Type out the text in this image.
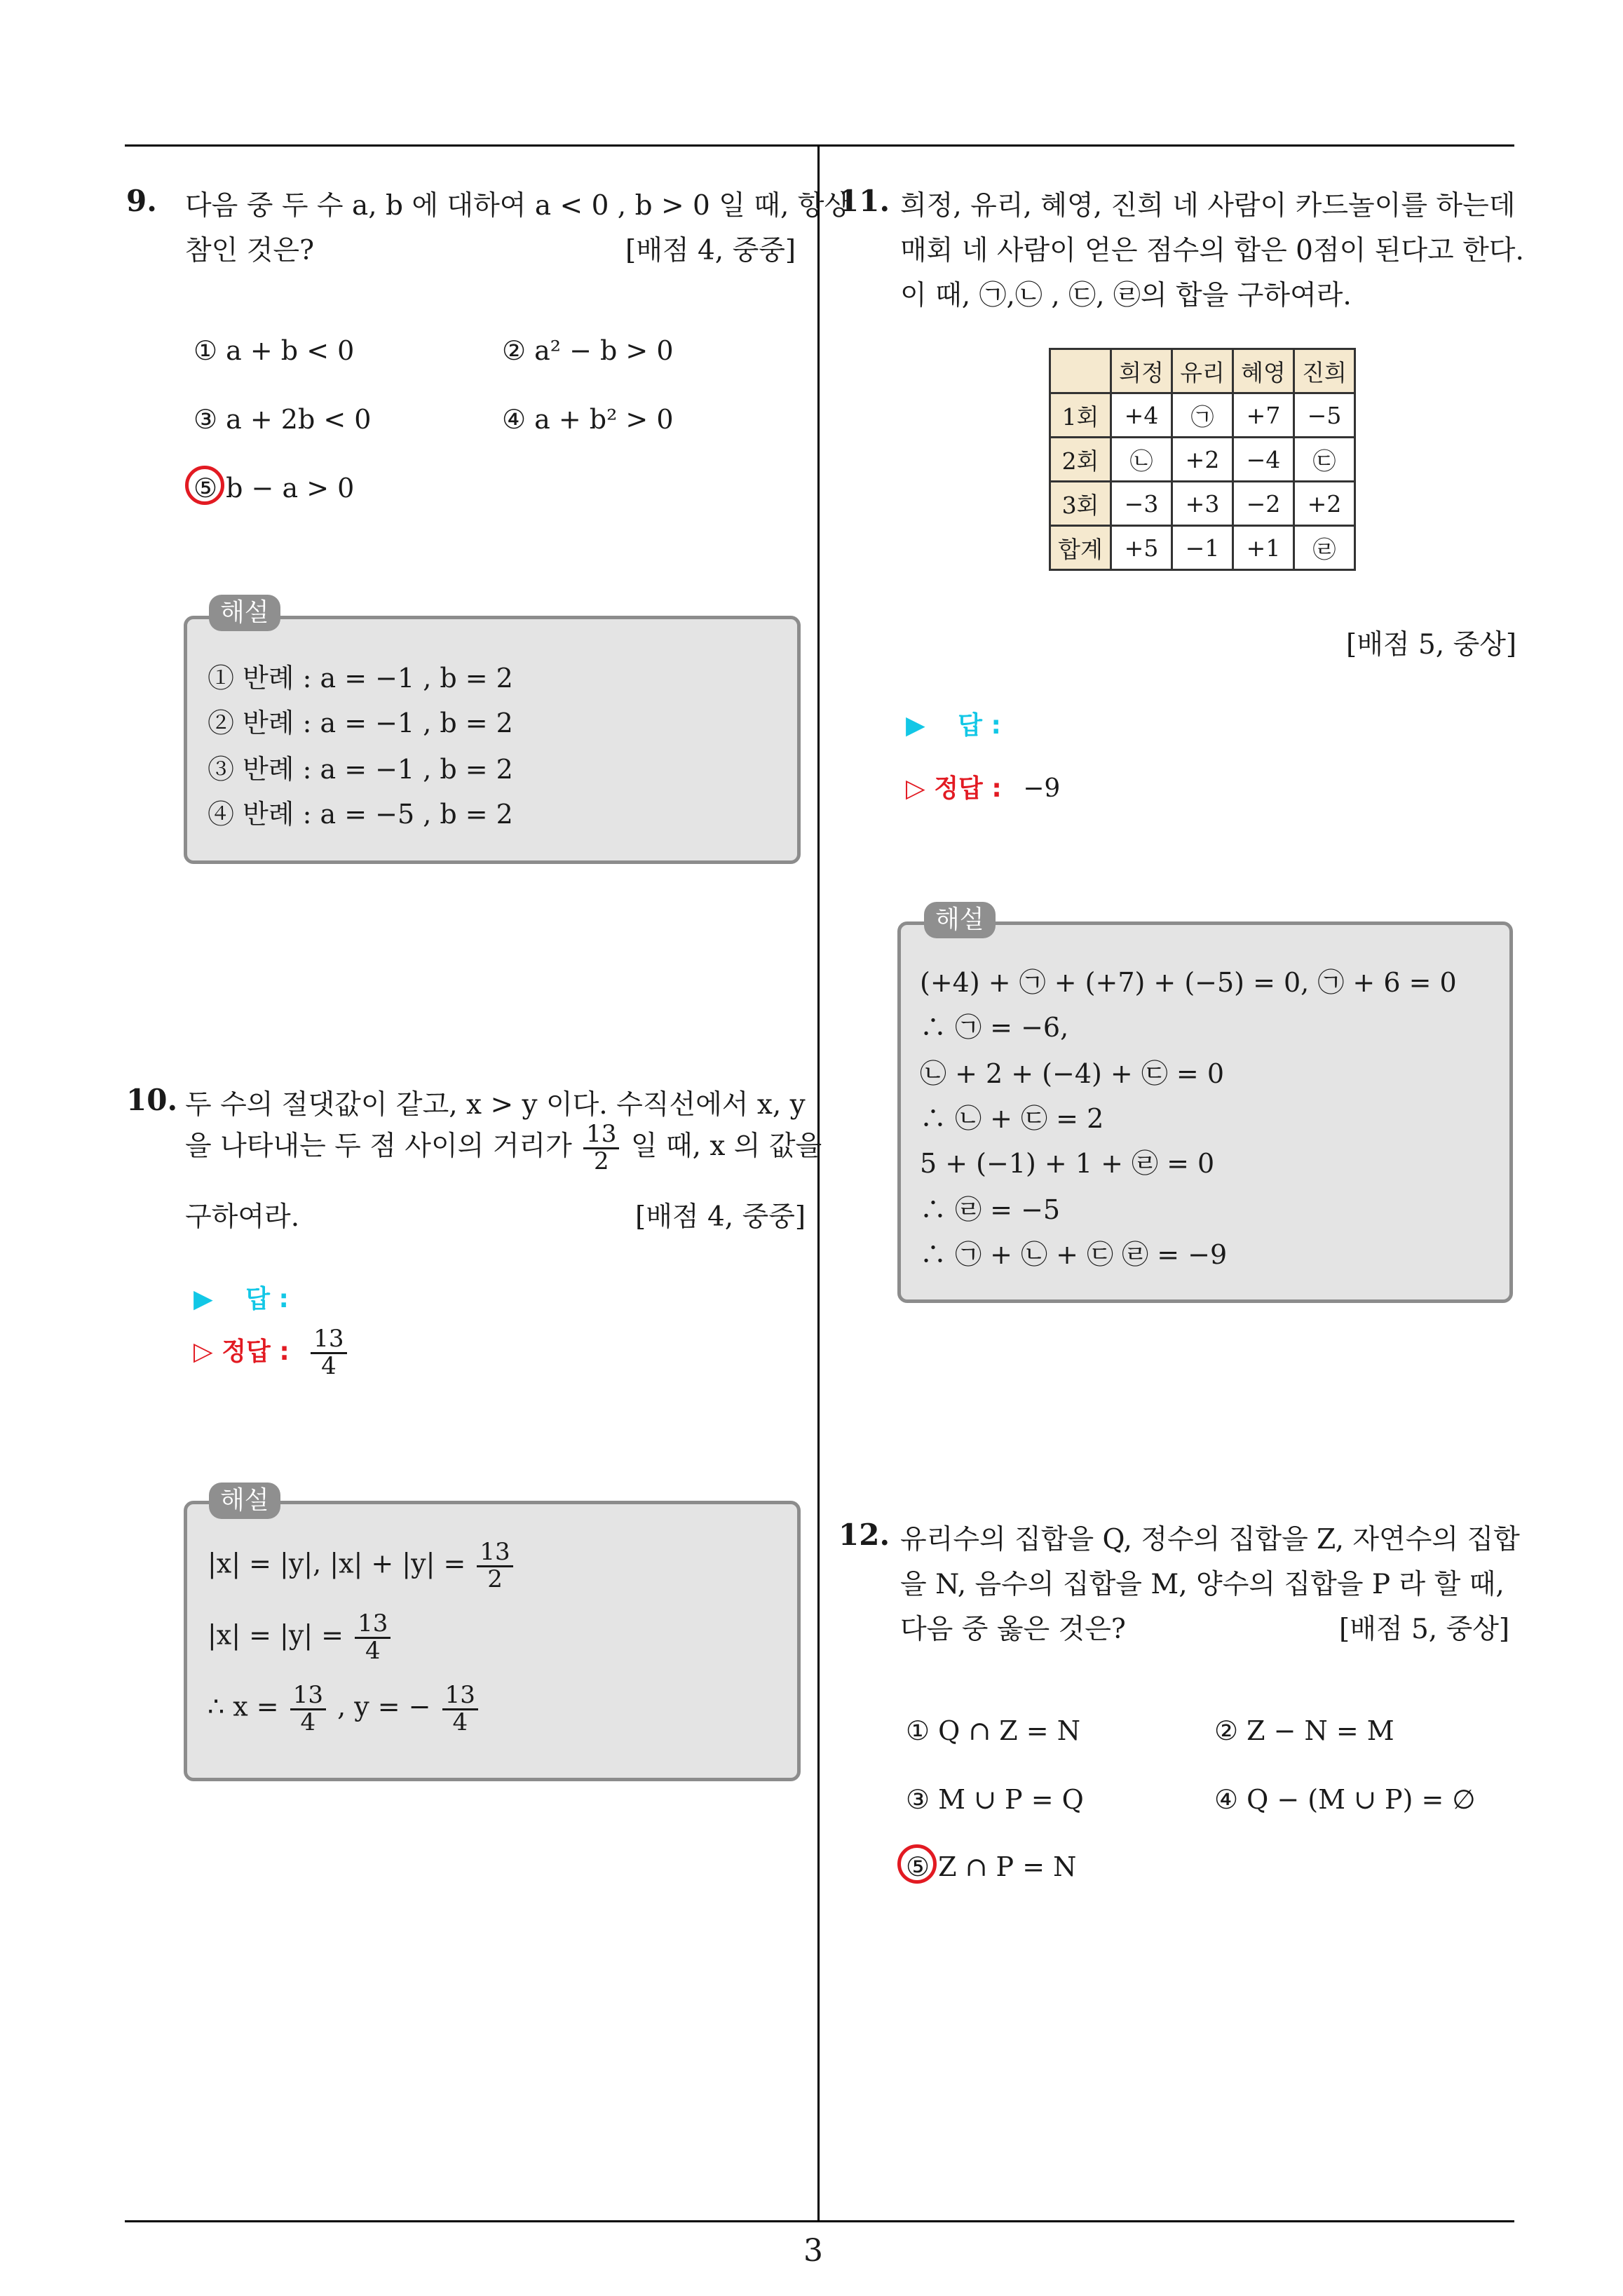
9. 다음 중 두 수 a, b 에 대하여 a < 0 , b > 0 일 때, 항상
참인 것은?	[배점 4, 중중]
① a + b < 0	② a² − b > 0
③ a + 2b < 0	④ a + b² > 0
⑤ b − a > 0
해설
① 반례 : a = −1 , b = 2
② 반례 : a = −1 , b = 2
③ 반례 : a = −1 , b = 2
④ 반례 : a = −5 , b = 2
10. 두 수의 절댓값이 같고, x > y 이다. 수직선에서 x, y
을 나타내는 두 점 사이의 거리가 $\frac{13}{2}$ 일 때, x 의 값을
구하여라.	[배점 4, 중중]
▶ 답 :
▷ 정답 : $\frac{13}{4}$
해설
|x| = |y|, $|x| + |y| = \frac{13}{2}$
$|x| = |y| = \frac{13}{4}$
∴ $x = \frac{13}{4}$ , y = − $\frac{13}{4}$
11. 희정, 유리, 혜영, 진희 네 사람이 카드놀이를 하는데
매회 네 사람이 얻은 점수의 합은 0점이 된다고 한다.
이 때, ㉠,㉡ , ㉢, ㉣의 합을 구하여라.
	희정	유리	혜영	진희
1회	+4	㉠	+7	−5
2회	㉡	+2	−4	㉢
3회	−3	+3	−2	+2
합계	+5	−1	+1	㉣
[배점 5, 중상]
▶ 답 :
▷ 정답 : −9
해설
(+4) + ㉠ + (+7) + (−5) = 0, ㉠ + 6 = 0
∴ ㉠ = −6,
㉡ + 2 + (−4) + ㉢ = 0
∴ ㉡ + ㉢ = 2
5 + (−1) + 1 + ㉣ = 0
∴ ㉣ = −5
∴ ㉠ + ㉡ + ㉢ ㉣ = −9
12. 유리수의 집합을 Q, 정수의 집합을 Z, 자연수의 집합
을 N, 음수의 집합을 M, 양수의 집합을 P 라 할 때,
다음 중 옳은 것은?	[배점 5, 중상]
① Q ∩ Z = N	② Z − N = M
③ M ∪ P = Q	④ Q − (M ∪ P) = ∅
⑤ Z ∩ P = N
3
